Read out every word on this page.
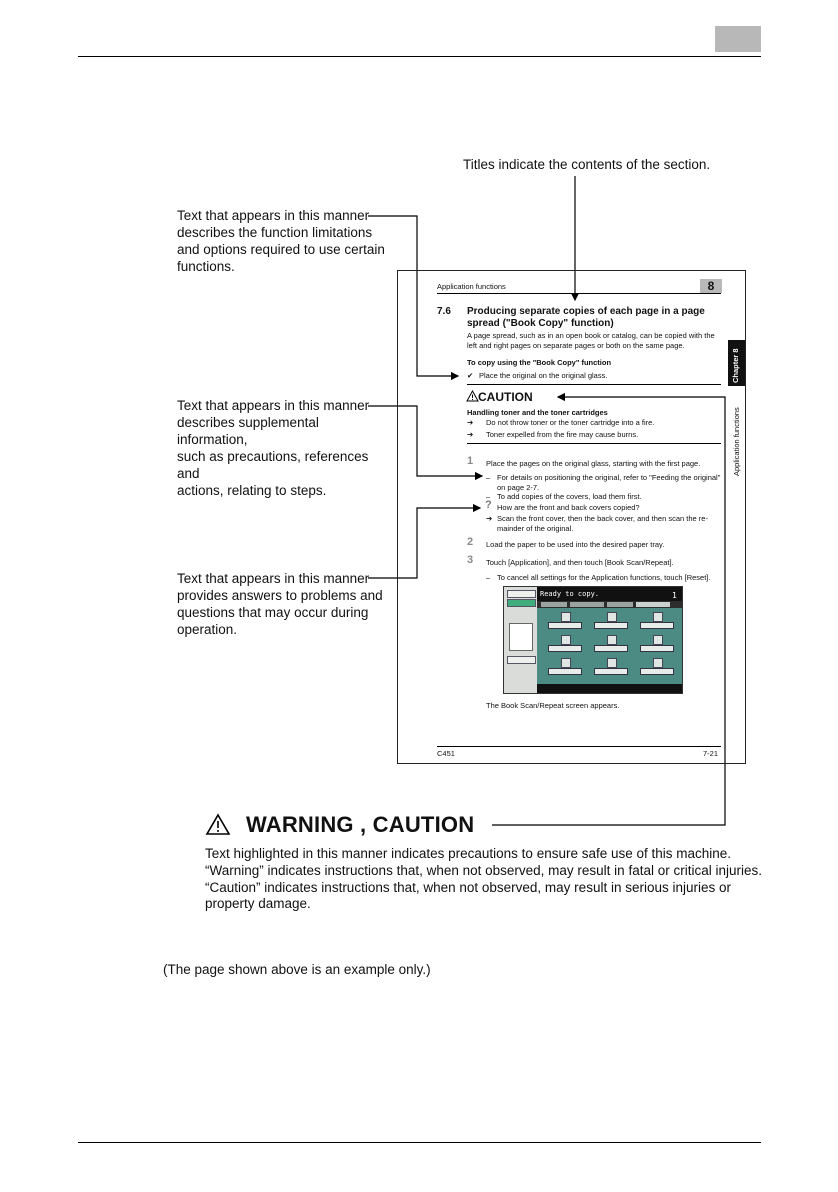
Titles indicate the contents of the section.
Text that appears in this manner
describes the function limitations
and options required to use certain
functions.
Text that appears in this manner
describes supplemental information,
such as precautions, references and
actions, relating to steps.
Text that appears in this manner
provides answers to problems and
questions that may occur during
operation.
Application functions	8
Chapter 8
Application functions
7.6 Producing separate copies of each page in a page
spread ("Book Copy" function)
A page spread, such as in an open book or catalog, can be copied with the
left and right pages on separate pages or both on the same page.
To copy using the "Book Copy" function
✔ Place the original on the original glass.
CAUTION
Handling toner and the toner cartridges
➔ Do not throw toner or the toner cartridge into a fire.
➔ Toner expelled from the fire may cause burns.
1 Place the pages on the original glass, starting with the first page.
– For details on positioning the original, refer to "Feeding the original"
on page 2-7.
– To add copies of the covers, load them first.
? How are the front and back covers copied?
➔ Scan the front cover, then the back cover, and then scan the re-
mainder of the original.
2 Load the paper to be used into the desired paper tray.
3 Touch [Application], and then touch [Book Scan/Repeat].
– To cancel all settings for the Application functions, touch [Reset].
Ready to copy.	1
The Book Scan/Repeat screen appears.
C451	7-21
WARNING , CAUTION
Text highlighted in this manner indicates precautions to ensure safe use of this machine.
“Warning” indicates instructions that, when not observed, may result in fatal or critical injuries.
“Caution” indicates instructions that, when not observed, may result in serious injuries or
property damage.
(The page shown above is an example only.)
